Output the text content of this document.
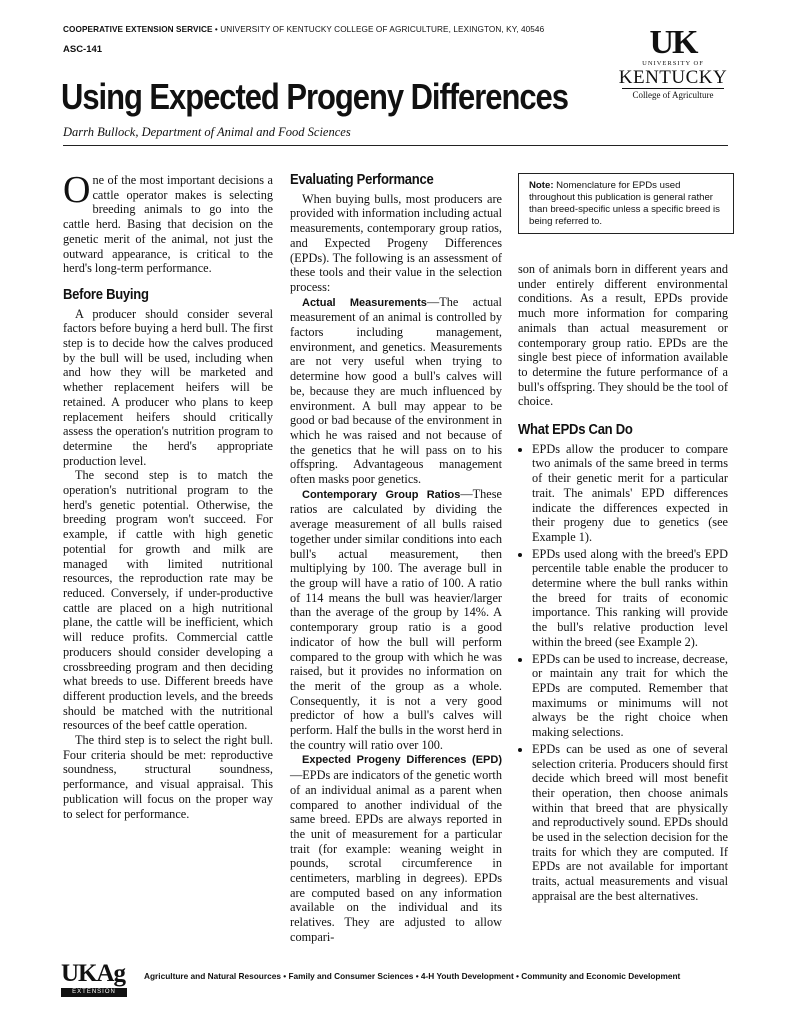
COOPERATIVE EXTENSION SERVICE • UNIVERSITY OF KENTUCKY COLLEGE OF AGRICULTURE, LEXINGTON, KY, 40546
ASC-141
Using Expected Progeny Differences
Darrh Bullock, Department of Animal and Food Sciences
UK
UNIVERSITY OF
KENTUCKY
College of Agriculture

One of the most important decisions a cattle operator makes is selecting breeding animals to go into the cattle herd. Basing that decision on the genetic merit of the animal, not just the outward appearance, is critical to the herd's long-term performance.

Before Buying

A producer should consider several factors before buying a herd bull. The first step is to decide how the calves produced by the bull will be used, including when and how they will be marketed and whether replacement heifers will be retained. A producer who plans to keep replacement heifers should critically assess the operation's nutrition program to determine the herd's appropriate production level.

The second step is to match the operation's nutritional program to the herd's genetic potential. Otherwise, the breeding program won't succeed. For example, if cattle with high genetic potential for growth and milk are managed with limited nutritional resources, the reproduction rate may be reduced. Conversely, if under-productive cattle are placed on a high nutritional plane, the cattle will be inefficient, which will reduce profits. Commercial cattle producers should consider developing a crossbreeding program and then deciding what breeds to use. Different breeds have different production levels, and the breeds should be matched with the nutritional resources of the beef cattle operation.

The third step is to select the right bull. Four criteria should be met: reproductive soundness, structural soundness, performance, and visual appraisal. This publication will focus on the proper way to select for performance.

Evaluating Performance

When buying bulls, most producers are provided with information including actual measurements, contemporary group ratios, and Expected Progeny Differences (EPDs). The following is an assessment of these tools and their value in the selection process:

Actual Measurements—The actual measurement of an animal is controlled by factors including management, environment, and genetics. Measurements are not very useful when trying to determine how good a bull's calves will be, because they are much influenced by environment. A bull may appear to be good or bad because of the environment in which he was raised and not because of the genetics that he will pass on to his offspring. Advantageous management often masks poor genetics.

Contemporary Group Ratios—These ratios are calculated by dividing the average measurement of all bulls raised together under similar conditions into each bull's actual measurement, then multiplying by 100. The average bull in the group will have a ratio of 100. A ratio of 114 means the bull was heavier/larger than the average of the group by 14%. A contemporary group ratio is a good indicator of how the bull will perform compared to the group with which he was raised, but it provides no information on the merit of the group as a whole. Consequently, it is not a very good predictor of how a bull's calves will perform. Half the bulls in the worst herd in the country will ratio over 100.

Expected Progeny Differences (EPD)—EPDs are indicators of the genetic worth of an individual animal as a parent when compared to another individual of the same breed. EPDs are always reported in the unit of measurement for a particular trait (for example: weaning weight in pounds, scrotal circumference in centimeters, marbling in degrees). EPDs are computed based on any information available on the individual and its relatives. They are adjusted to allow compari-

Note: Nomenclature for EPDs used throughout this publication is general rather than breed-specific unless a specific breed is being referred to.

son of animals born in different years and under entirely different environmental conditions. As a result, EPDs provide much more information for comparing animals than actual measurement or contemporary group ratio. EPDs are the single best piece of information available to determine the future performance of a bull's offspring. They should be the tool of choice.

What EPDs Can Do
• EPDs allow the producer to compare two animals of the same breed in terms of their genetic merit for a particular trait. The animals' EPD differences indicate the differences expected in their progeny due to genetics (see Example 1).
• EPDs used along with the breed's EPD percentile table enable the producer to determine where the bull ranks within the breed for traits of economic importance. This ranking will provide the bull's relative production level within the breed (see Example 2).
• EPDs can be used to increase, decrease, or maintain any trait for which the EPDs are computed. Remember that maximums or minimums will not always be the right choice when making selections.
• EPDs can be used as one of several selection criteria. Producers should first decide which breed will most benefit their operation, then choose animals within that breed that are physically and reproductively sound. EPDs should be used in the selection decision for the traits for which they are computed. If EPDs are not available for important traits, actual measurements and visual appraisal are the best alternatives.
UKAg
EXTENSION
Agriculture and Natural Resources • Family and Consumer Sciences • 4-H Youth Development • Community and Economic Development
